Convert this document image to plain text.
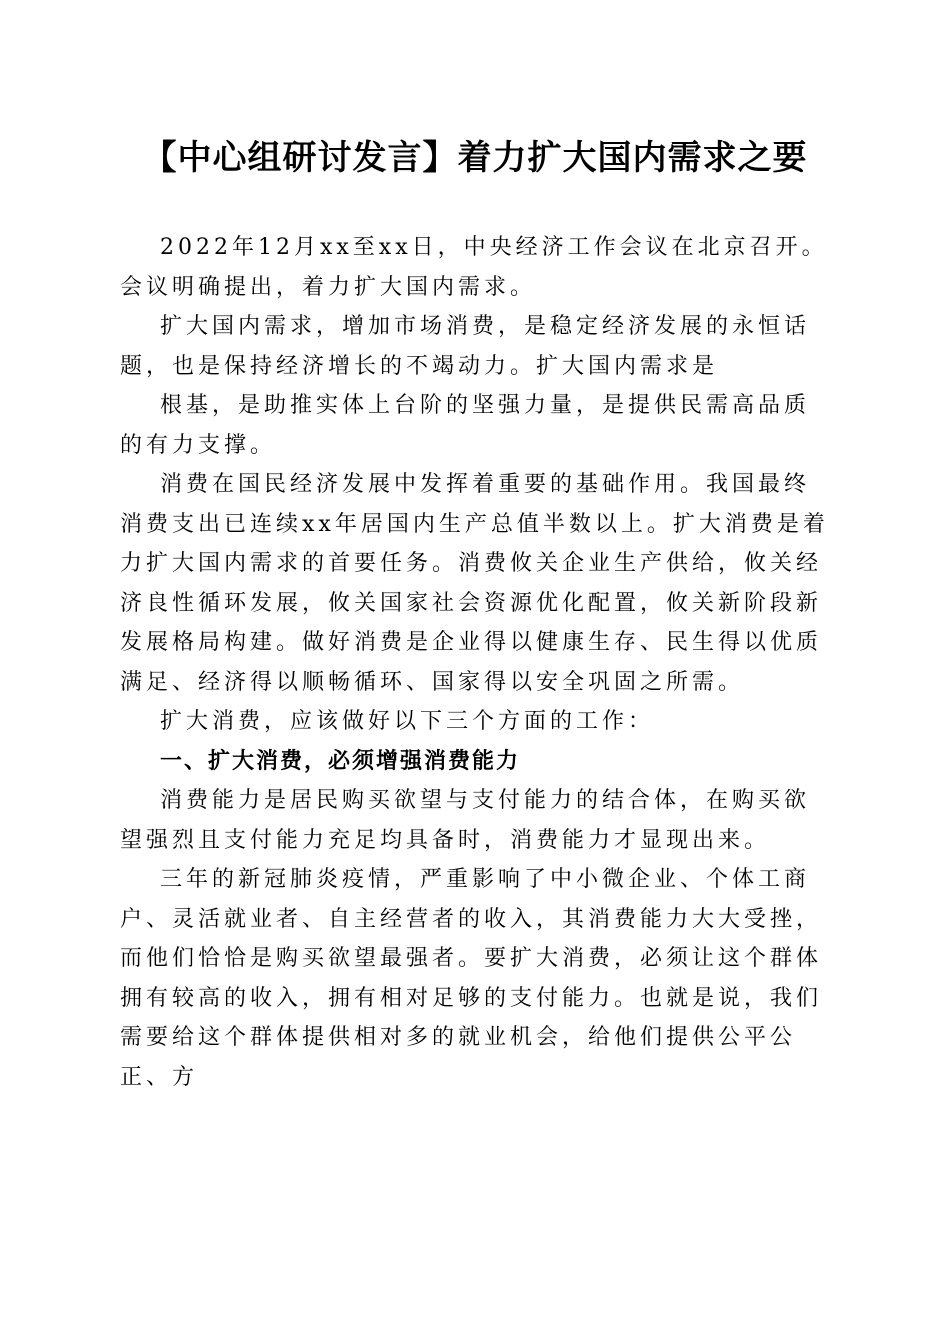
【中心组研讨发言】着力扩大国内需求之要

2022年12月xx至xx日，中央经济工作会议在北京召开。会议明确提出，着力扩大国内需求。

扩大国内需求，增加市场消费，是稳定经济发展的永恒话题，也是保持经济增长的不竭动力。扩大国内需求是

根基，是助推实体上台阶的坚强力量，是提供民需高品质的有力支撑。

消费在国民经济发展中发挥着重要的基础作用。我国最终消费支出已连续xx年居国内生产总值半数以上。扩大消费是着力扩大国内需求的首要任务。消费攸关企业生产供给，攸关经济良性循环发展，攸关国家社会资源优化配置，攸关新阶段新发展格局构建。做好消费是企业得以健康生存、民生得以优质满足、经济得以顺畅循环、国家得以安全巩固之所需。

扩大消费，应该做好以下三个方面的工作：

一、扩大消费，必须增强消费能力

消费能力是居民购买欲望与支付能力的结合体，在购买欲望强烈且支付能力充足均具备时，消费能力才显现出来。

三年的新冠肺炎疫情，严重影响了中小微企业、个体工商户、灵活就业者、自主经营者的收入，其消费能力大大受挫，而他们恰恰是购买欲望最强者。要扩大消费，必须让这个群体拥有较高的收入，拥有相对足够的支付能力。也就是说，我们需要给这个群体提供相对多的就业机会，给他们提供公平公正、方
